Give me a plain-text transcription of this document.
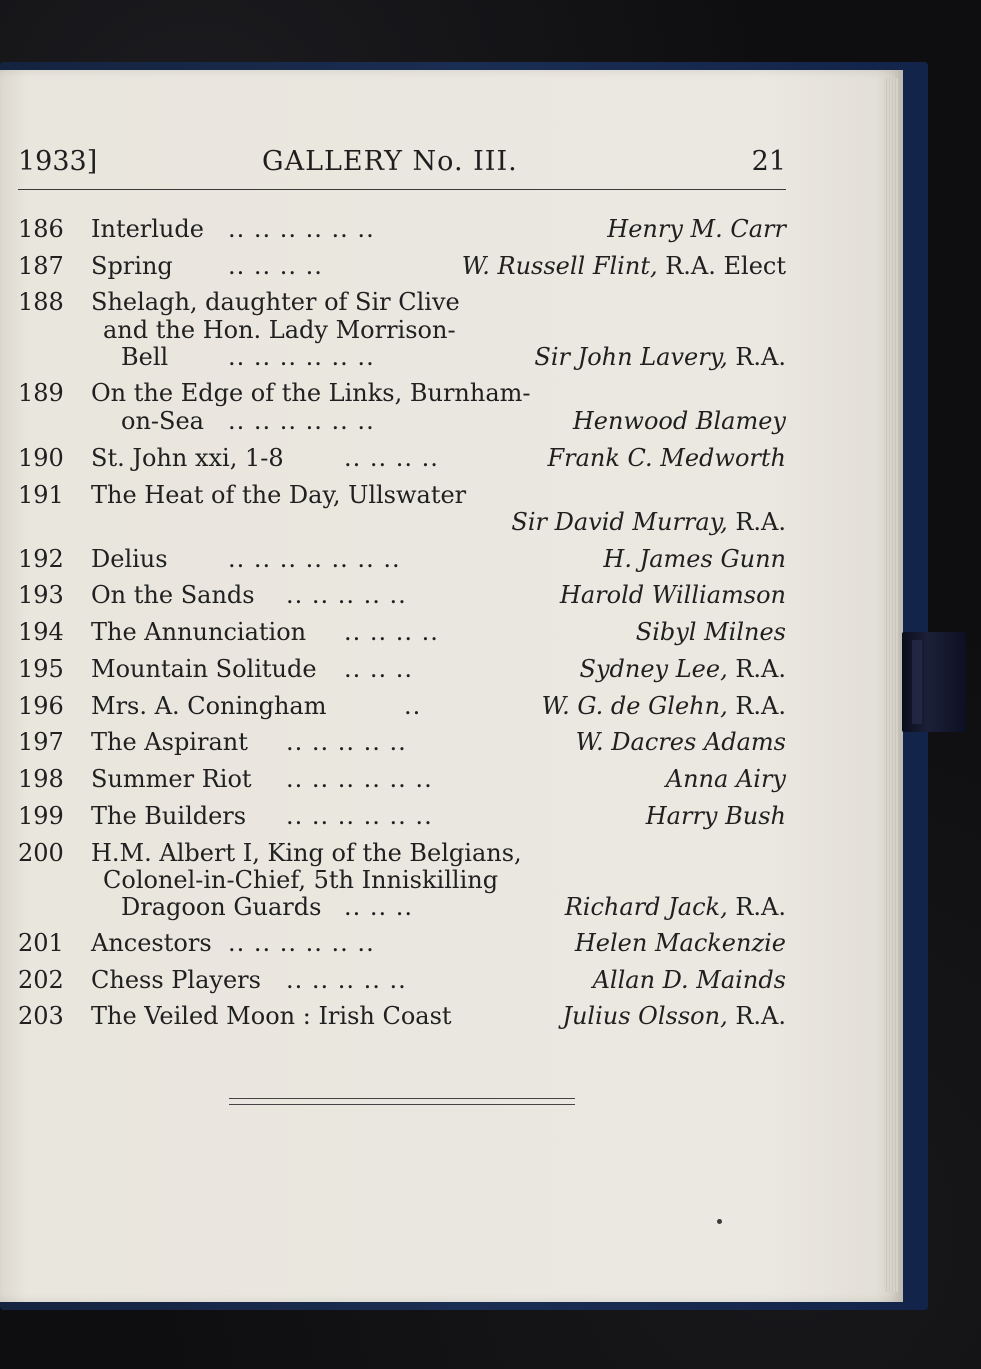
1933]	GALLERY No. III.	21
186 Interlude .. .. .. .. .. ..	Henry M. Carr
187 Spring .. .. .. ..	W. Russell Flint, R.A. Elect
188 Shelagh, daughter of Sir Clive
and the Hon. Lady Morrison-
Bell .. .. .. .. .. ..	Sir John Lavery, R.A.
189 On the Edge of the Links, Burnham-
on-Sea .. .. .. .. .. ..	Henwood Blamey
190 St. John xxi, 1-8	.. .. .. ..	Frank C. Medworth
191 The Heat of the Day, Ullswater
Sir David Murray, R.A.
192 Delius	.. .. .. .. .. .. ..	H. James Gunn
193 On the Sands .. .. .. .. ..	Harold Williamson
194 The Annunciation .. .. .. ..	Sibyl Milnes
195 Mountain Solitude .. .. ..	Sydney Lee, R.A.
196 Mrs. A. Coningham	..	W. G. de Glehn, R.A.
197 The Aspirant .. .. .. .. ..	W. Dacres Adams
198 Summer Riot .. .. .. .. .. ..	Anna Airy
199 The Builders .. .. .. .. .. ..	Harry Bush
200 H.M. Albert I, King of the Belgians,
Colonel-in-Chief, 5th Inniskilling
Dragoon Guards .. .. ..	Richard Jack, R.A.
201 Ancestors .. .. .. .. .. ..	Helen Mackenzie
202 Chess Players .. .. .. .. ..	Allan D. Mainds
203 The Veiled Moon : Irish Coast	Julius Olsson, R.A.
